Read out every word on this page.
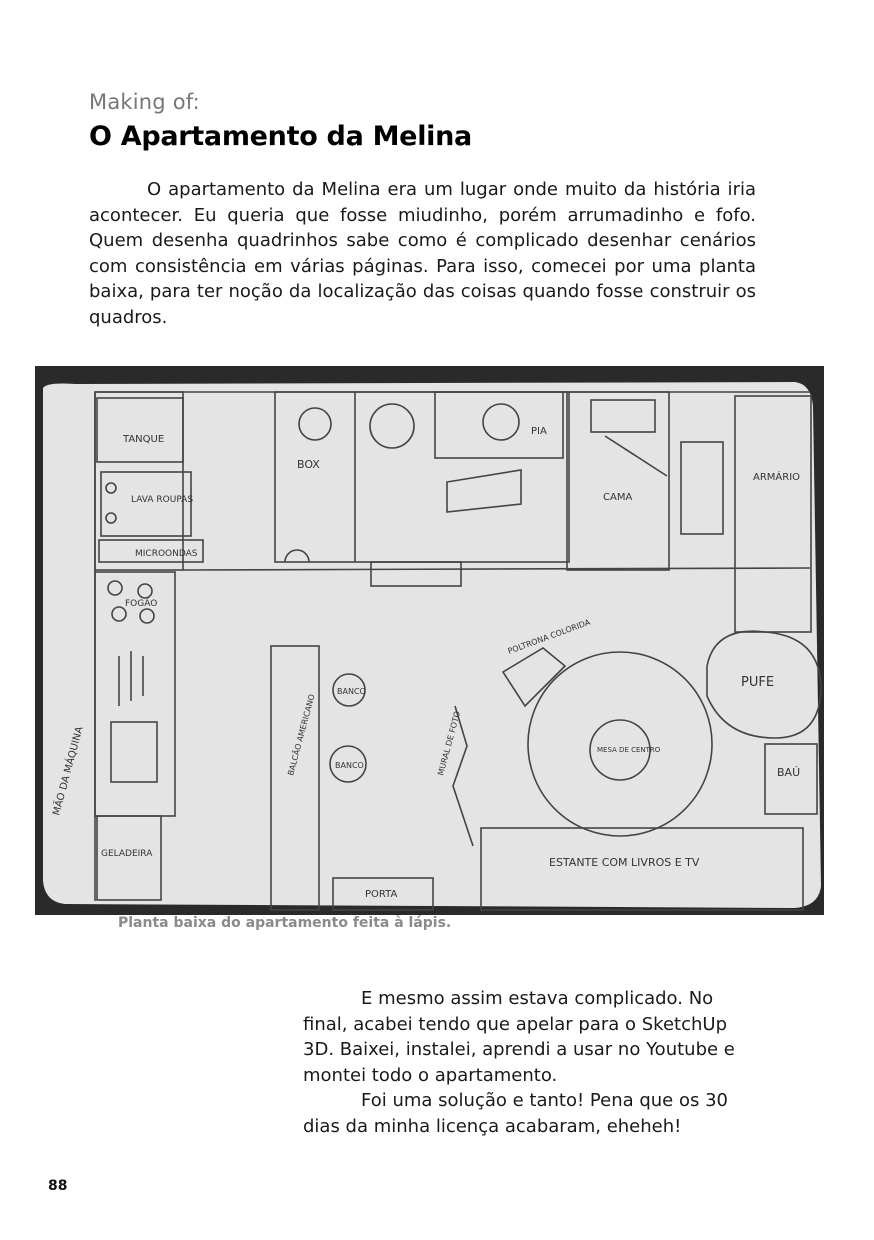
Making of:
O Apartamento da Melina

O apartamento da Melina era um lugar onde muito da história iria acontecer. Eu queria que fosse miudinho, porém arrumadinho e fofo. Quem desenha quadrinhos sabe como é complicado desenhar cenários com consistência em várias páginas. Para isso, comecei por uma planta baixa, para ter noção da localização das coisas quando fosse construir os quadros.

TANQUE
LAVA ROUPAS
MICROONDAS
FOGÃO
GELADEIRA
MÃO DA MÁQUINA
BOX
PIA
CAMA
ARMÁRIO
POLTRONA COLORIDA
PUFE
MESA DE CENTRO
BAÚ
BALCÃO AMERICANO
BANCO
BANCO	MURAL DE FOTO
ESTANTE COM LIVROS E TV
PORTA
Planta baixa do apartamento feita à lápis.

E mesmo assim estava complicado. No final, acabei tendo que apelar para o SketchUp 3D. Baixei, instalei, aprendi a usar no Youtube e montei todo o apartamento.

Foi uma solução e tanto! Pena que os 30 dias da minha licença acabaram, eheheh!

88
